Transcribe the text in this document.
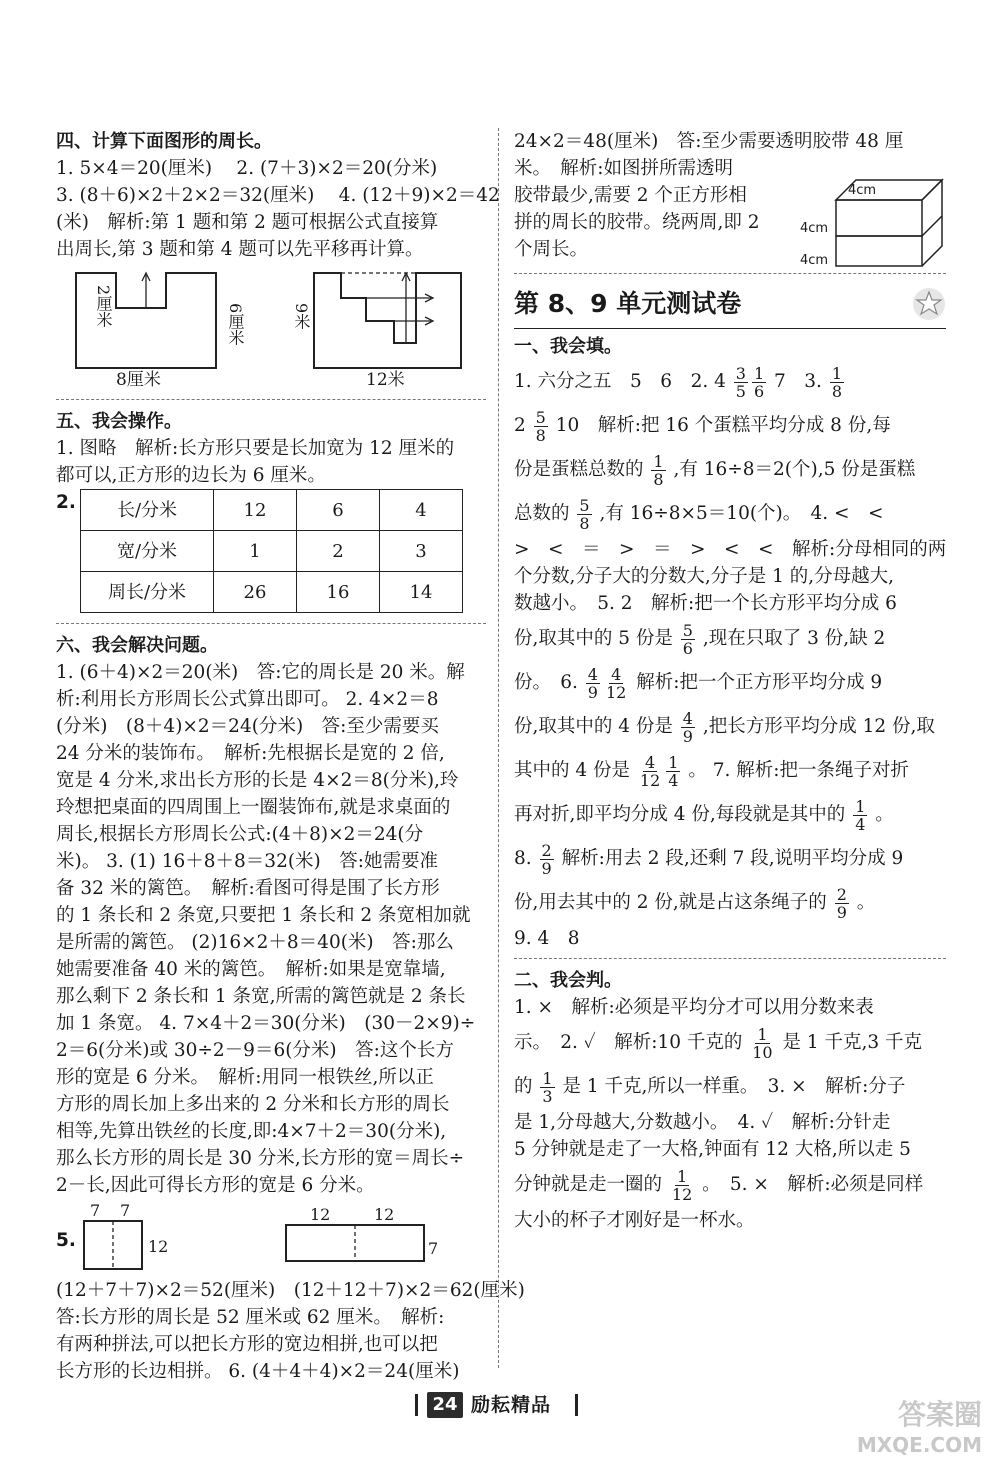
四、计算下面图形的周长。
1. 5×4＝20(厘米)　 2. (7＋3)×2＝20(分米)
3. (8＋6)×2＋2×2＝32(厘米)　 4. (12＋9)×2＝42
(米)　解析:第 1 题和第 2 题可根据公式直接算
出周长,第 3 题和第 4 题可以先平移再计算。
2厘米	6厘米
8厘米
9米
12米
五、我会操作。
1. 图略　解析:长方形只要是长加宽为 12 厘米的
都可以,正方形的边长为 6 厘米。
2. 长/分米	12	6	4
宽/分米	1	2	3
周长/分米	26	16	14
六、我会解决问题。
1. (6＋4)×2＝20(米)　答:它的周长是 20 米。解
析:利用长方形周长公式算出即可。 2. 4×2＝8
(分米)　(8＋4)×2＝24(分米)　答:至少需要买
24 分米的装饰布。　解析:先根据长是宽的 2 倍,
宽是 4 分米,求出长方形的长是 4×2＝8(分米),玲
玲想把桌面的四周围上一圈装饰布,就是求桌面的
周长,根据长方形周长公式:(4＋8)×2＝24(分
米)。 3. (1) 16＋8＋8＝32(米)　答:她需要准
备 32 米的篱笆。　解析:看图可得是围了长方形
的 1 条长和 2 条宽,只要把 1 条长和 2 条宽相加就
是所需的篱笆。 (2)16×2＋8＝40(米)　答:那么
她需要准备 40 米的篱笆。　解析:如果是宽靠墙,
那么剩下 2 条长和 1 条宽,所需的篱笆就是 2 条长
加 1 条宽。 4. 7×4＋2＝30(分米)　(30－2×9)÷
2＝6(分米)或 30÷2－9＝6(分米)　答:这个长方
形的宽是 6 分米。　解析:用同一根铁丝,所以正
方形的周长加上多出来的 2 分米和长方形的周长
相等,先算出铁丝的长度,即:4×7＋2＝30(分米),
那么长方形的周长是 30 分米,长方形的宽＝周长÷
2－长,因此可得长方形的宽是 6 分米。
5.
7 7
12
12	12
7
(12＋7＋7)×2＝52(厘米)　(12＋12＋7)×2＝62(厘米)
答:长方形的周长是 52 厘米或 62 厘米。　解析:
有两种拼法,可以把长方形的宽边相拼,也可以把
长方形的长边相拼。 6. (4＋4＋4)×2＝24(厘米)
24×2＝48(厘米)　答:至少需要透明胶带 48 厘
米。　解析:如图拼所需透明
胶带最少,需要 2 个正方形相
拼的周长的胶带。绕两周,即 2
个周长。
4cm
4cm
4cm
第 8、9 单元测试卷
一、我会填。
1. 六分之五　5　6　2. $4 \frac{3}{5} \frac{1}{6} 7$　3. $\frac{1}{8}$
$2 \frac{5}{8} 10$　解析:把 16 个蛋糕平均分成 8 份,每
份是蛋糕总数的 $\frac{1}{8}$ ,有 16÷8＝2(个),5 份是蛋糕
总数的 $\frac{5}{8}$ ,有 16÷8×5＝10(个)。　4. <　<
>　<　＝　>　＝　>　<　<　解析:分母相同的两
个分数,分子大的分数大,分子是 1 的,分母越大,
数越小。　5. 2　解析:把一个长方形平均分成 6
份,取其中的 5 份是 $\frac{5}{6}$ ,现在只取了 3 份,缺 2
份。　6. $\frac{4}{9} \frac{4}{12}$ 解析:把一个正方形平均分成 9
份,取其中的 4 份是 $\frac{4}{9}$ ,把长方形平均分成 12 份,取
其中的 4 份是 $\frac{4}{12} \frac{1}{4}$ 。 7. 解析:把一条绳子对折
再对折,即平均分成 4 份,每段就是其中的 $\frac{1}{4}$ 。
8. $\frac{2}{9}$ 解析:用去 2 段,还剩 7 段,说明平均分成 9
份,用去其中的 2 份,就是占这条绳子的 $\frac{2}{9}$ 。
9. 4　8
二、我会判。
1. ×　解析:必须是平均分才可以用分数来表
示。　2. ✓　解析:10 千克的 $\frac{1}{10}$ 是 1 千克,3 千克
的 $\frac{1}{3}$ 是 1 千克,所以一样重。　3. ×　解析:分子
是 1,分母越大,分数越小。　4. ✓　解析:分针走
5 分钟就是走了一大格,钟面有 12 大格,所以走 5
分钟就是走一圈的 $\frac{1}{12}$ 。　5. ×　解析:必须是同样
大小的杯子才刚好是一杯水。
24 励耘精品	答案圈
MXQE.COM
